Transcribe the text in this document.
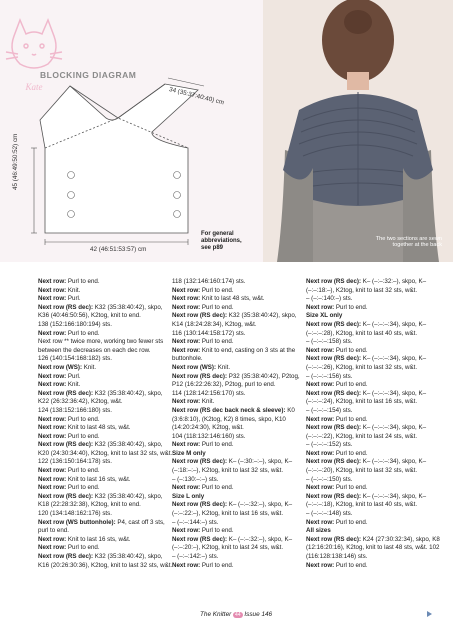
Kate
BLOCKING DIAGRAM
45 (46:49:50:52) cm
42 (46:51:53:57) cm
34 (35:37:40:40) cm
For general abbreviations,
see p89
The two sections are sewn together at the back

Next row: Purl to end.

Next row: Knit.

Next row: Purl.

Next row (RS dec): K32 (35:38:40:42), skpo, K36 (40:46:50:56), K2tog, knit to end.

138 (152:166:180:194) sts.

Next row: Purl to end.

Next row ** twice more, working two fewer sts between the decreases on each dec row.

126 (140:154:168:182) sts.

Next row (WS): Knit.

Next row: Purl.

Next row: Knit.

Next row (RS dec): K32 (35:38:40:42), skpo, K22 (26:32:36:42), K2tog, w&t.

124 (138:152:166:180) sts.

Next row: Purl to end.

Next row: Knit to last 48 sts, w&t.

Next row: Purl to end.

Next row (RS dec): K32 (35:38:40:42), skpo, K20 (24:30:34:40), K2tog, knit to last 32 sts, w&t.

122 (136:150:164:178) sts.

Next row: Purl to end.

Next row: Knit to last 16 sts, w&t.

Next row: Purl to end.

Next row (RS dec): K32 (35:38:40:42), skpo, K18 (22:28:32:38), K2tog, knit to end.

120 (134:148:162:176) sts.

Next row (WS buttonhole): P4, cast off 3 sts, purl to end.

Next row: Knit to last 16 sts, w&t.

Next row: Purl to end.

Next row (RS dec): K32 (35:38:40:42), skpo, K16 (20:26:30:36), K2tog, knit to last 32 sts, w&t.

118 (132:146:160:174) sts.

Next row: Purl to end.

Next row: Knit to last 48 sts, w&t.

Next row: Purl to end.

Next row (RS dec): K32 (35:38:40:42), skpo, K14 (18:24:28:34), K2tog, w&t.

116 (130:144:158:172) sts.

Next row: Purl to end.

Next row: Knit to end, casting on 3 sts at the buttonhole.

Next row (WS): Knit.

Next row (RS dec): P32 (35:38:40:42), P2tog, P12 (16:22:26:32), P2tog, purl to end.

114 (128:142:156:170) sts.

Next row: Knit.

Next row (RS dec back neck & sleeve): K0 (3:6:8:10), (K2tog, K2) 8 times, skpo, K10 (14:20:24:30), K2tog, w&t.

104 (118:132:146:160) sts.

Next row: Purl to end.

Size M only

Next row (RS dec): K– (–:30:–:–), skpo, K– (–:18:–:–), K2tog, knit to last 32 sts, w&t.

– (–:130:–:–) sts.

Next row: Purl to end.

Size L only

Next row (RS dec): K– (–:–:32:–), skpo, K– (–:–:22:–), K2tog, knit to last 16 sts, w&t.

– (–:–:144:–) sts.

Next row: Purl to end.

Next row (RS dec): K– (–:–:32:–), skpo, K– (–:–:20:–), K2tog, knit to last 24 sts, w&t.

– (–:–:142:–) sts.

Next row: Purl to end.

Next row (RS dec): K– (–:–:32:–), skpo, K– (–:–:18:–), K2tog, knit to last 32 sts, w&t.

– (–:–:140:–) sts.

Next row: Purl to end.

Size XL only

Next row (RS dec): K– (–:–:–:34), skpo, K– (–:–:–:28), K2tog, knit to last 40 sts, w&t.

– (–:–:–:158) sts.

Next row: Purl to end.

Next row (RS dec): K– (–:–:–:34), skpo, K– (–:–:–:26), K2tog, knit to last 32 sts, w&t.

– (–:–:–:156) sts.

Next row: Purl to end.

Next row (RS dec): K– (–:–:–:34), skpo, K– (–:–:–:24), K2tog, knit to last 16 sts, w&t.

– (–:–:–:154) sts.

Next row: Purl to end.

Next row (RS dec): K– (–:–:–:34), skpo, K– (–:–:–:22), K2tog, knit to last 24 sts, w&t.

– (–:–:–:152) sts.

Next row: Purl to end.

Next row (RS dec): K– (–:–:–:34), skpo, K– (–:–:–:20), K2tog, knit to last 32 sts, w&t.

– (–:–:–:150) sts.

Next row: Purl to end.

Next row (RS dec): K– (–:–:–:34), skpo, K– (–:–:–:18), K2tog, knit to last 40 sts, w&t.

– (–:–:–:148) sts.

Next row: Purl to end.

All sizes

Next row (RS dec): K24 (27:30:32:34), skpo, K8 (12:16:20:16), K2tog, knit to last 48 sts, w&t. 102 (116:128:138:146) sts.

Next row: Purl to end.

The Knitter 44 Issue 146
